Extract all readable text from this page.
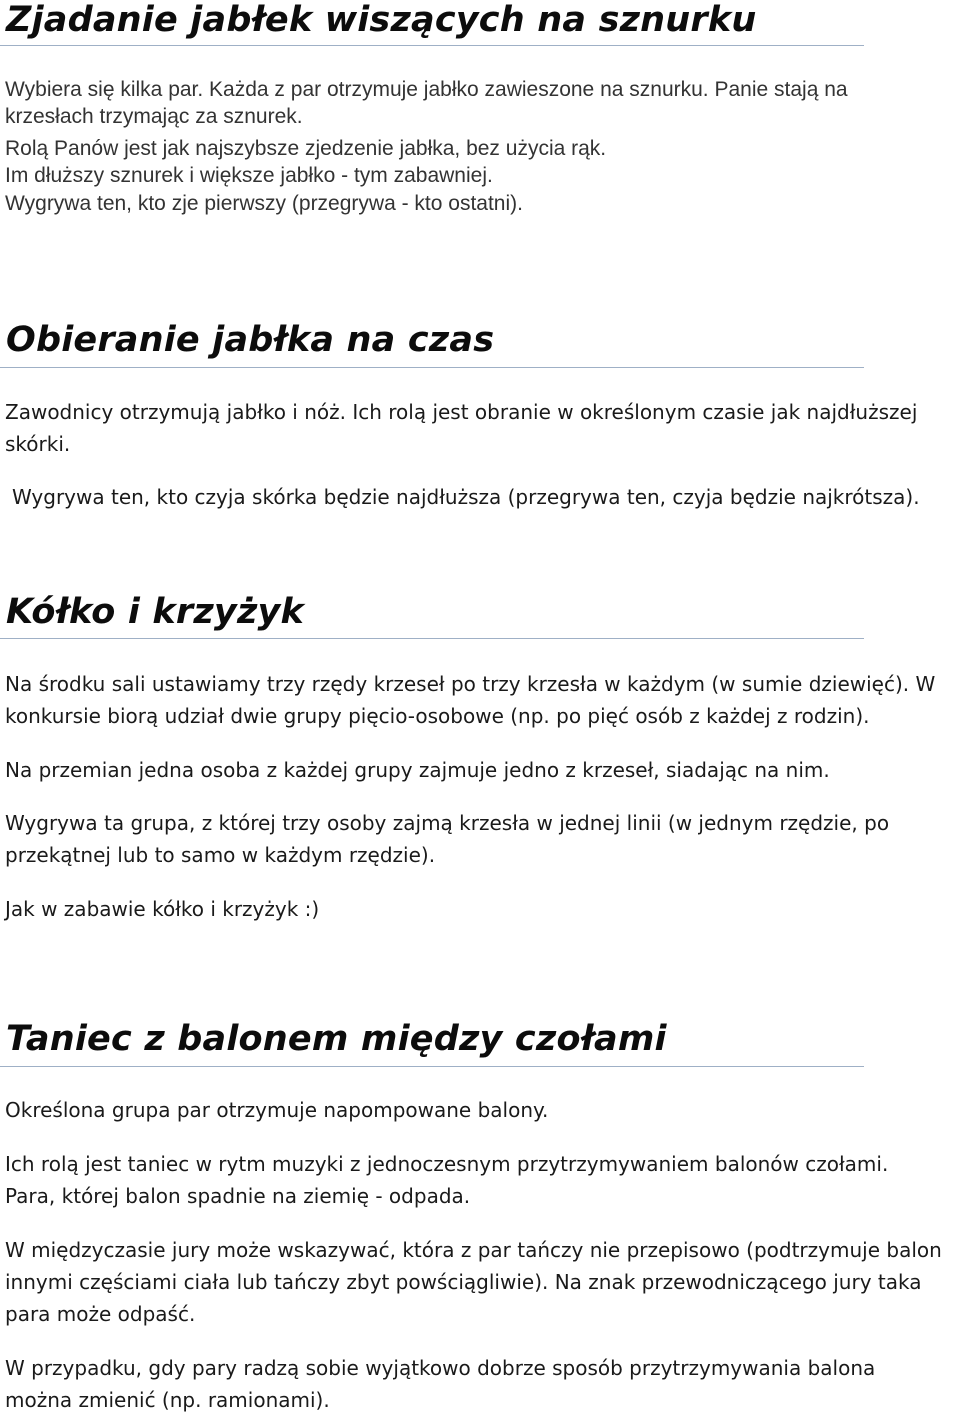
Zjadanie jabłek wiszących na sznurku
Wybiera się kilka par. Każda z par otrzymuje jabłko zawieszone na sznurku. Panie stają na
krzesłach trzymając za sznurek.
Rolą Panów jest jak najszybsze zjedzenie jabłka, bez użycia rąk.
Im dłuższy sznurek i większe jabłko - tym zabawniej.
Wygrywa ten, kto zje pierwszy (przegrywa - kto ostatni).
Obieranie jabłka na czas
Zawodnicy otrzymują jabłko i nóż. Ich rolą jest obranie w określonym czasie jak najdłuższej
skórki.
Wygrywa ten, kto czyja skórka będzie najdłuższa (przegrywa ten, czyja będzie najkrótsza).
Kółko i krzyżyk
Na środku sali ustawiamy trzy rzędy krzeseł po trzy krzesła w każdym (w sumie dziewięć). W
konkursie biorą udział dwie grupy pięcio-osobowe (np. po pięć osób z każdej z rodzin).
Na przemian jedna osoba z każdej grupy zajmuje jedno z krzeseł, siadając na nim.
Wygrywa ta grupa, z której trzy osoby zajmą krzesła w jednej linii (w jednym rzędzie, po
przekątnej lub to samo w każdym rzędzie).
Jak w zabawie kółko i krzyżyk :)
Taniec z balonem między czołami
Określona grupa par otrzymuje napompowane balony.
Ich rolą jest taniec w rytm muzyki z jednoczesnym przytrzymywaniem balonów czołami.
Para, której balon spadnie na ziemię - odpada.
W międzyczasie jury może wskazywać, która z par tańczy nie przepisowo (podtrzymuje balon
innymi częściami ciała lub tańczy zbyt powściągliwie). Na znak przewodniczącego jury taka
para może odpaść.
W przypadku, gdy pary radzą sobie wyjątkowo dobrze sposób przytrzymywania balona
można zmienić (np. ramionami).
